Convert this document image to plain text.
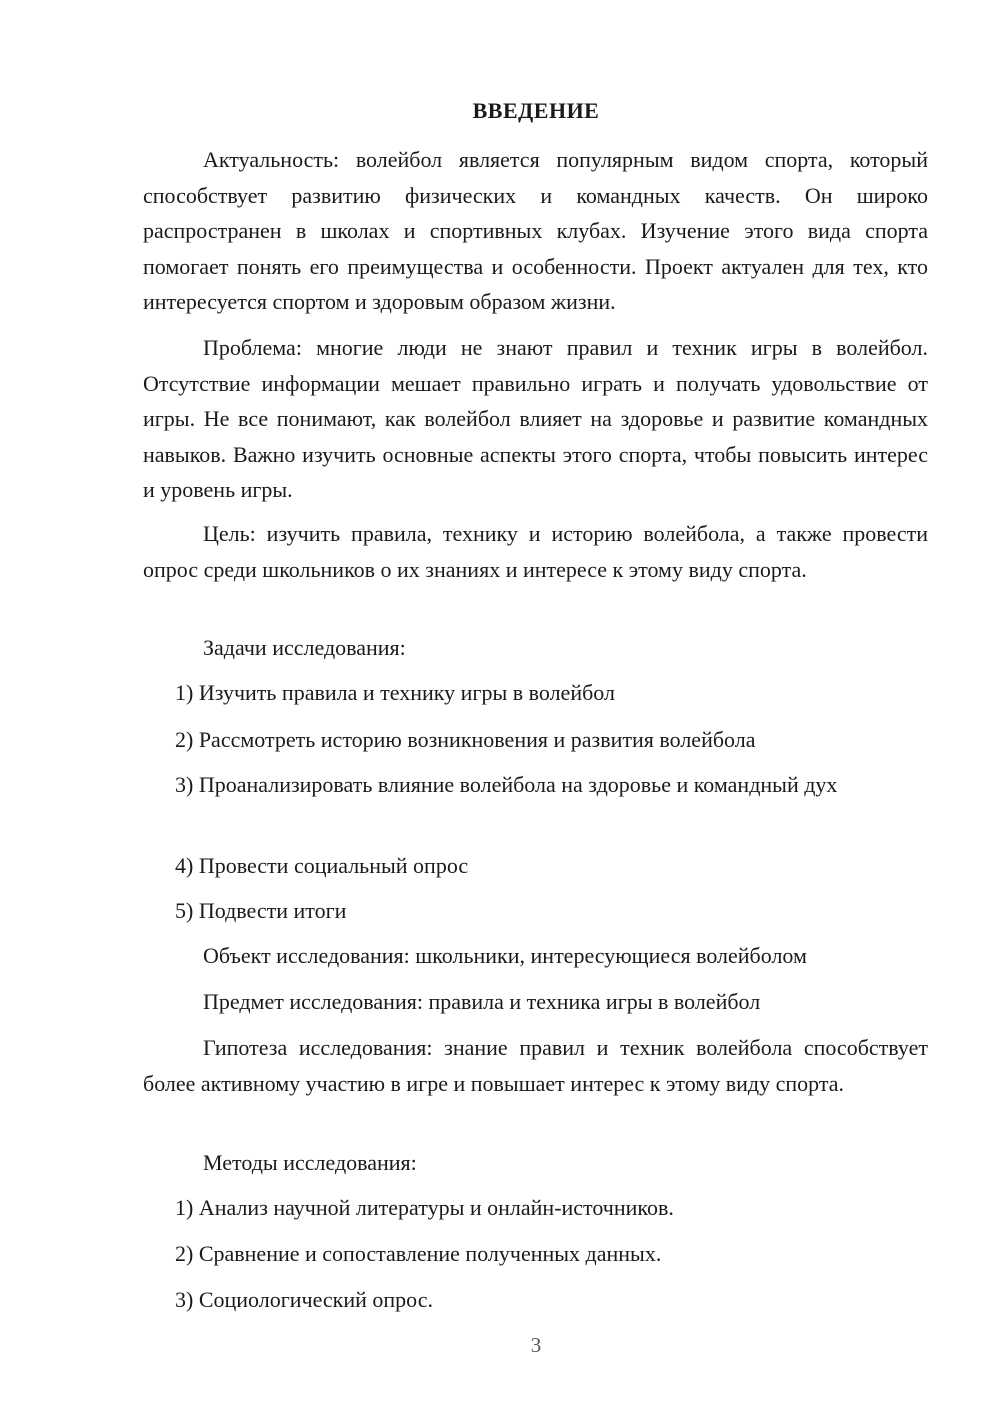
ВВЕДЕНИЕ

Актуальность: волейбол является популярным видом спорта, который способствует развитию физических и командных качеств. Он широко распространен в школах и спортивных клубах. Изучение этого вида спорта помогает понять его преимущества и особенности. Проект актуален для тех, кто интересуется спортом и здоровым образом жизни.

Проблема: многие люди не знают правил и техник игры в волейбол. Отсутствие информации мешает правильно играть и получать удовольствие от игры. Не все понимают, как волейбол влияет на здоровье и развитие командных навыков. Важно изучить основные аспекты этого спорта, чтобы повысить интерес и уровень игры.

Цель: изучить правила, технику и историю волейбола, а также провести опрос среди школьников о их знаниях и интересе к этому виду спорта.

Задачи исследования:

1) Изучить правила и технику игры в волейбол

2) Рассмотреть историю возникновения и развития волейбола

3) Проанализировать влияние волейбола на здоровье и командный дух

4) Провести социальный опрос

5) Подвести итоги

Объект исследования: школьники, интересующиеся волейболом

Предмет исследования: правила и техника игры в волейбол

Гипотеза исследования: знание правил и техник волейбола способствует более активному участию в игре и повышает интерес к этому виду спорта.

Методы исследования:

1) Анализ научной литературы и онлайн-источников.

2) Сравнение и сопоставление полученных данных.

3) Социологический опрос.

3
